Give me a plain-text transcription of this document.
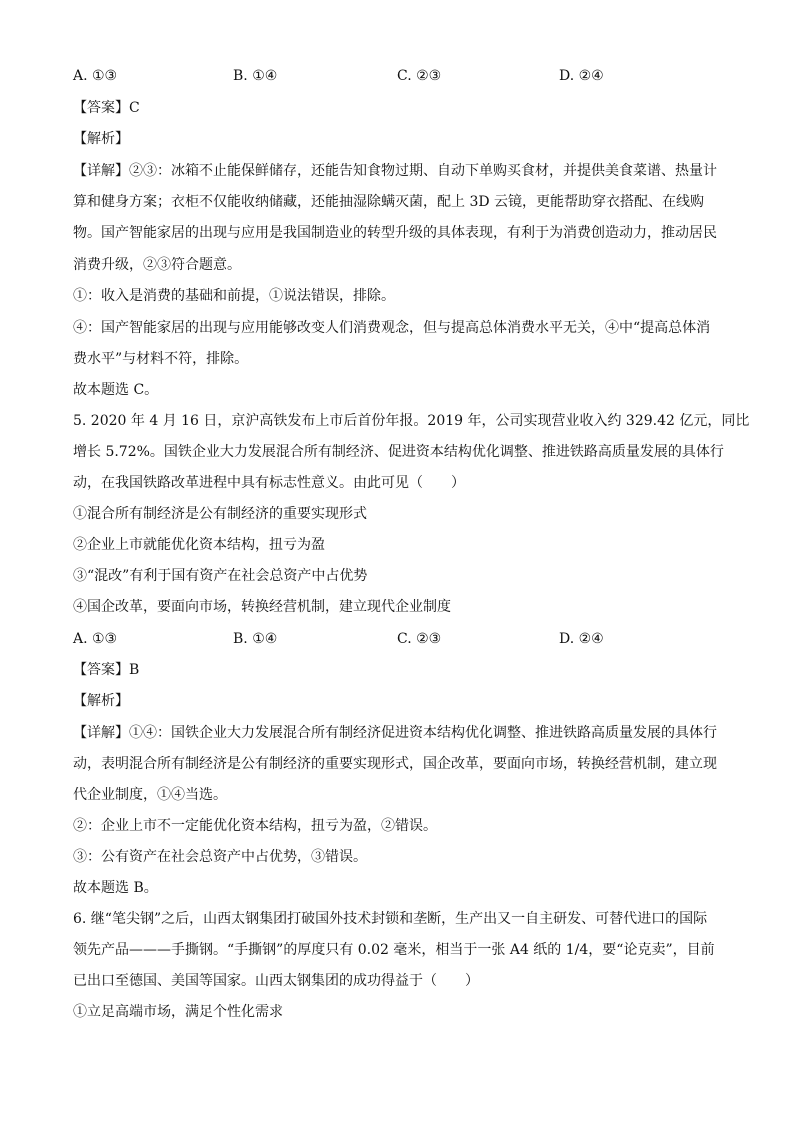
A. ①③	B. ①④	C. ②③	D. ②④
【答案】C
【解析】
【详解】②③：冰箱不止能保鲜储存，还能告知食物过期、自动下单购买食材，并提供美食菜谱、热量计
算和健身方案；衣柜不仅能收纳储藏，还能抽湿除螨灭菌，配上 3D 云镜，更能帮助穿衣搭配、在线购
物。国产智能家居的出现与应用是我国制造业的转型升级的具体表现，有利于为消费创造动力，推动居民
消费升级，②③符合题意。
①：收入是消费的基础和前提，①说法错误，排除。
④：国产智能家居的出现与应用能够改变人们消费观念，但与提高总体消费水平无关，④中“提高总体消
费水平”与材料不符，排除。
故本题选 C。
5. 2020 年 4 月 16 日，京沪高铁发布上市后首份年报。2019 年，公司实现营业收入约 329.42 亿元，同比
增长 5.72%。国铁企业大力发展混合所有制经济、促进资本结构优化调整、推进铁路高质量发展的具体行
动，在我国铁路改革进程中具有标志性意义。由此可见（　　）
①混合所有制经济是公有制经济的重要实现形式
②企业上市就能优化资本结构，扭亏为盈
③“混改”有利于国有资产在社会总资产中占优势
④国企改革，要面向市场，转换经营机制，建立现代企业制度
A. ①③	B. ①④	C. ②③	D. ②④
【答案】B
【解析】
【详解】①④：国铁企业大力发展混合所有制经济促进资本结构优化调整、推进铁路高质量发展的具体行
动，表明混合所有制经济是公有制经济的重要实现形式，国企改革，要面向市场，转换经营机制，建立现
代企业制度，①④当选。
②：企业上市不一定能优化资本结构，扭亏为盈，②错误。
③：公有资产在社会总资产中占优势，③错误。
故本题选 B。
6. 继“笔尖钢”之后，山西太钢集团打破国外技术封锁和垄断，生产出又一自主研发、可替代进口的国际
领先产品———手撕钢。“手撕钢”的厚度只有 0.02 毫米，相当于一张 A4 纸的 1/4，要“论克卖”，目前
已出口至德国、美国等国家。山西太钢集团的成功得益于（　　）
①立足高端市场，满足个性化需求
